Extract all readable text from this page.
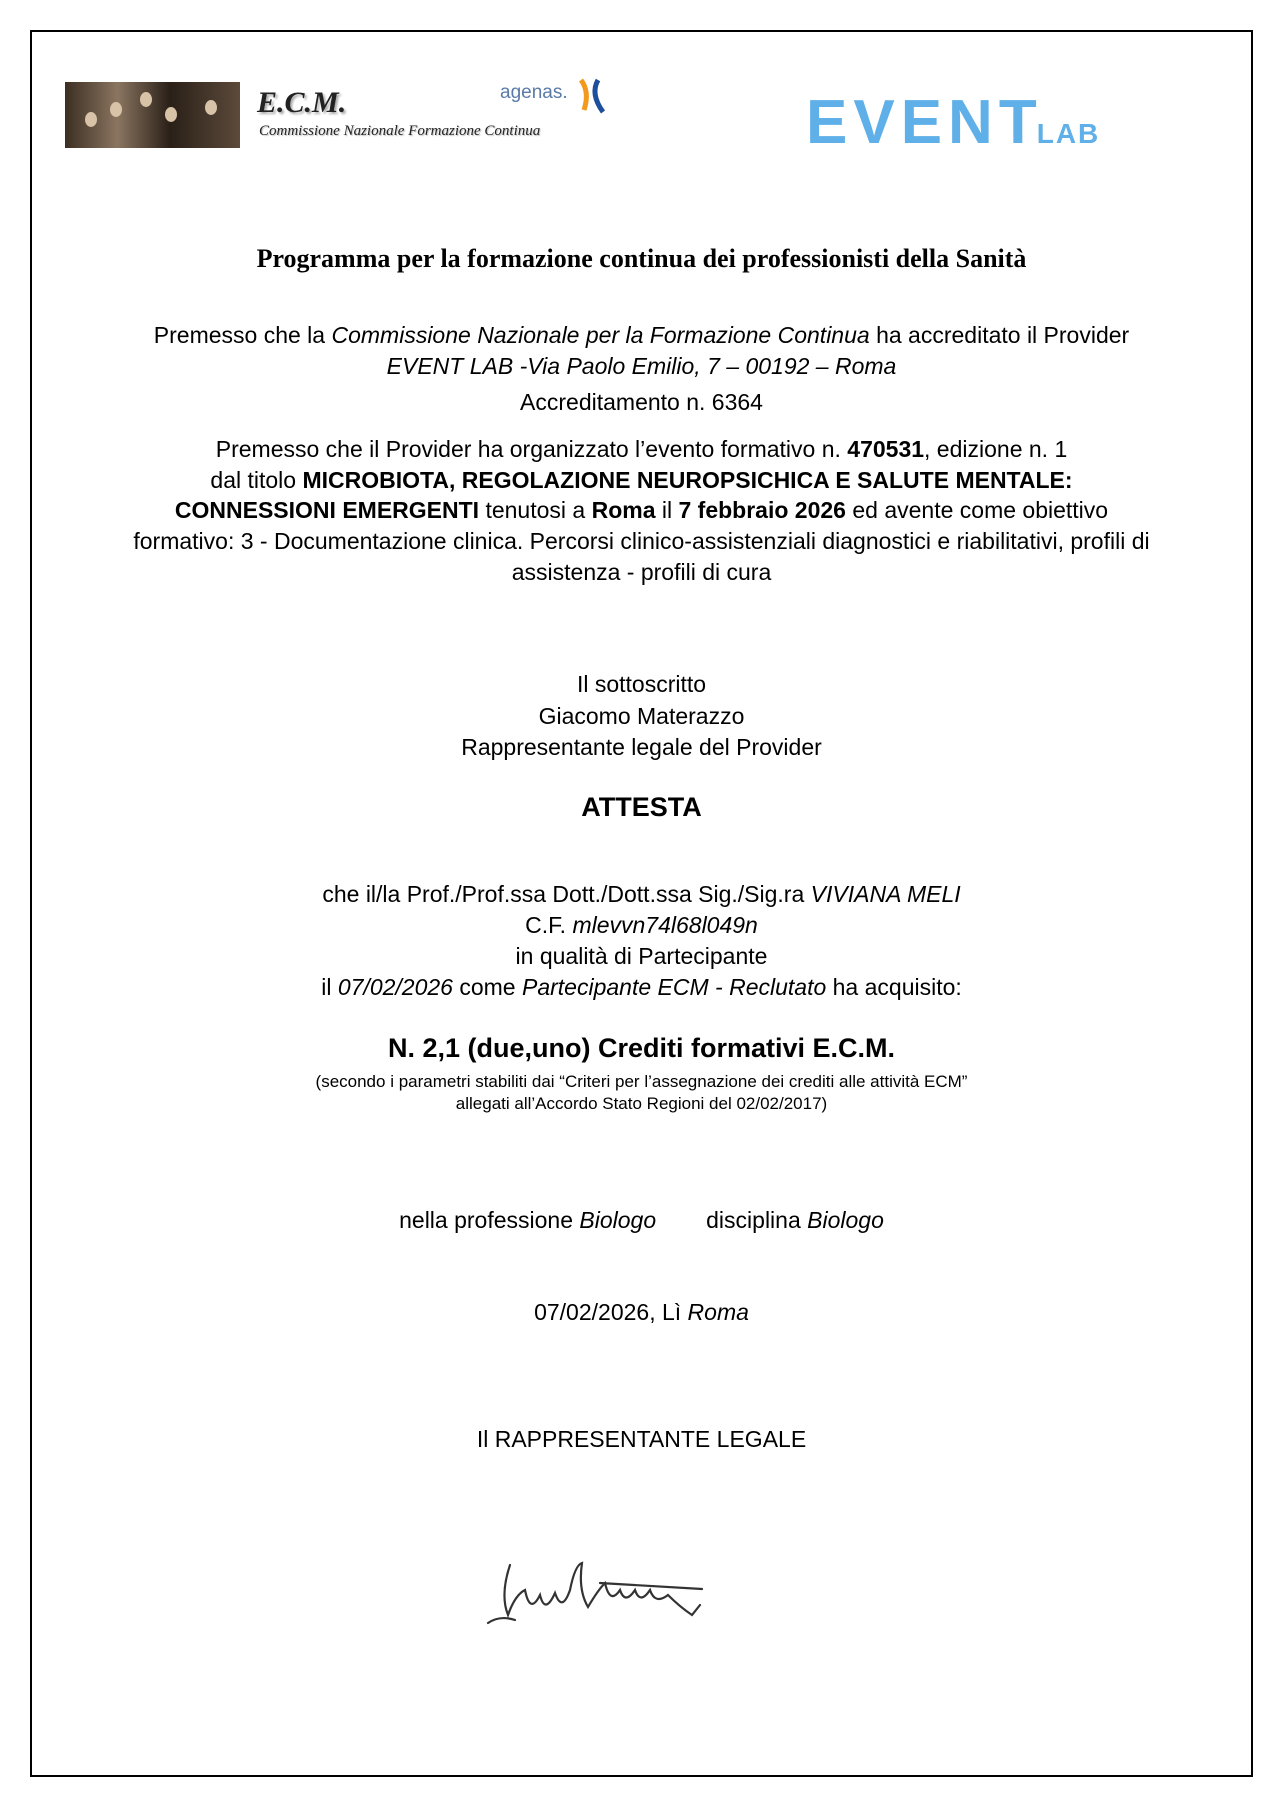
E.C.M.
Commissione Nazionale Formazione Continua
agenas.	EVENTLAB
Programma per la formazione continua dei professionisti della Sanità
Premesso che la Commissione Nazionale per la Formazione Continua ha accreditato il Provider
EVENT LAB -Via Paolo Emilio, 7 – 00192 – Roma
Accreditamento n. 6364
Premesso che il Provider ha organizzato l’evento formativo n. 470531, edizione n. 1
dal titolo MICROBIOTA, REGOLAZIONE NEUROPSICHICA E SALUTE MENTALE:
CONNESSIONI EMERGENTI tenutosi a Roma il 7 febbraio 2026 ed avente come obiettivo
formativo: 3 - Documentazione clinica. Percorsi clinico-assistenziali diagnostici e riabilitativi, profili di
assistenza - profili di cura
Il sottoscritto
Giacomo Materazzo
Rappresentante legale del Provider
ATTESTA
che il/la Prof./Prof.ssa Dott./Dott.ssa Sig./Sig.ra VIVIANA MELI
C.F. mlevvn74l68l049n
in qualità di Partecipante
il 07/02/2026 come Partecipante ECM - Reclutato ha acquisito:
N. 2,1 (due,uno) Crediti formativi E.C.M.
(secondo i parametri stabiliti dai “Criteri per l’assegnazione dei crediti alle attività ECM”
allegati all’Accordo Stato Regioni del 02/02/2017)
nella professione Biologo disciplina Biologo
07/02/2026, Lì Roma
Il RAPPRESENTANTE LEGALE
